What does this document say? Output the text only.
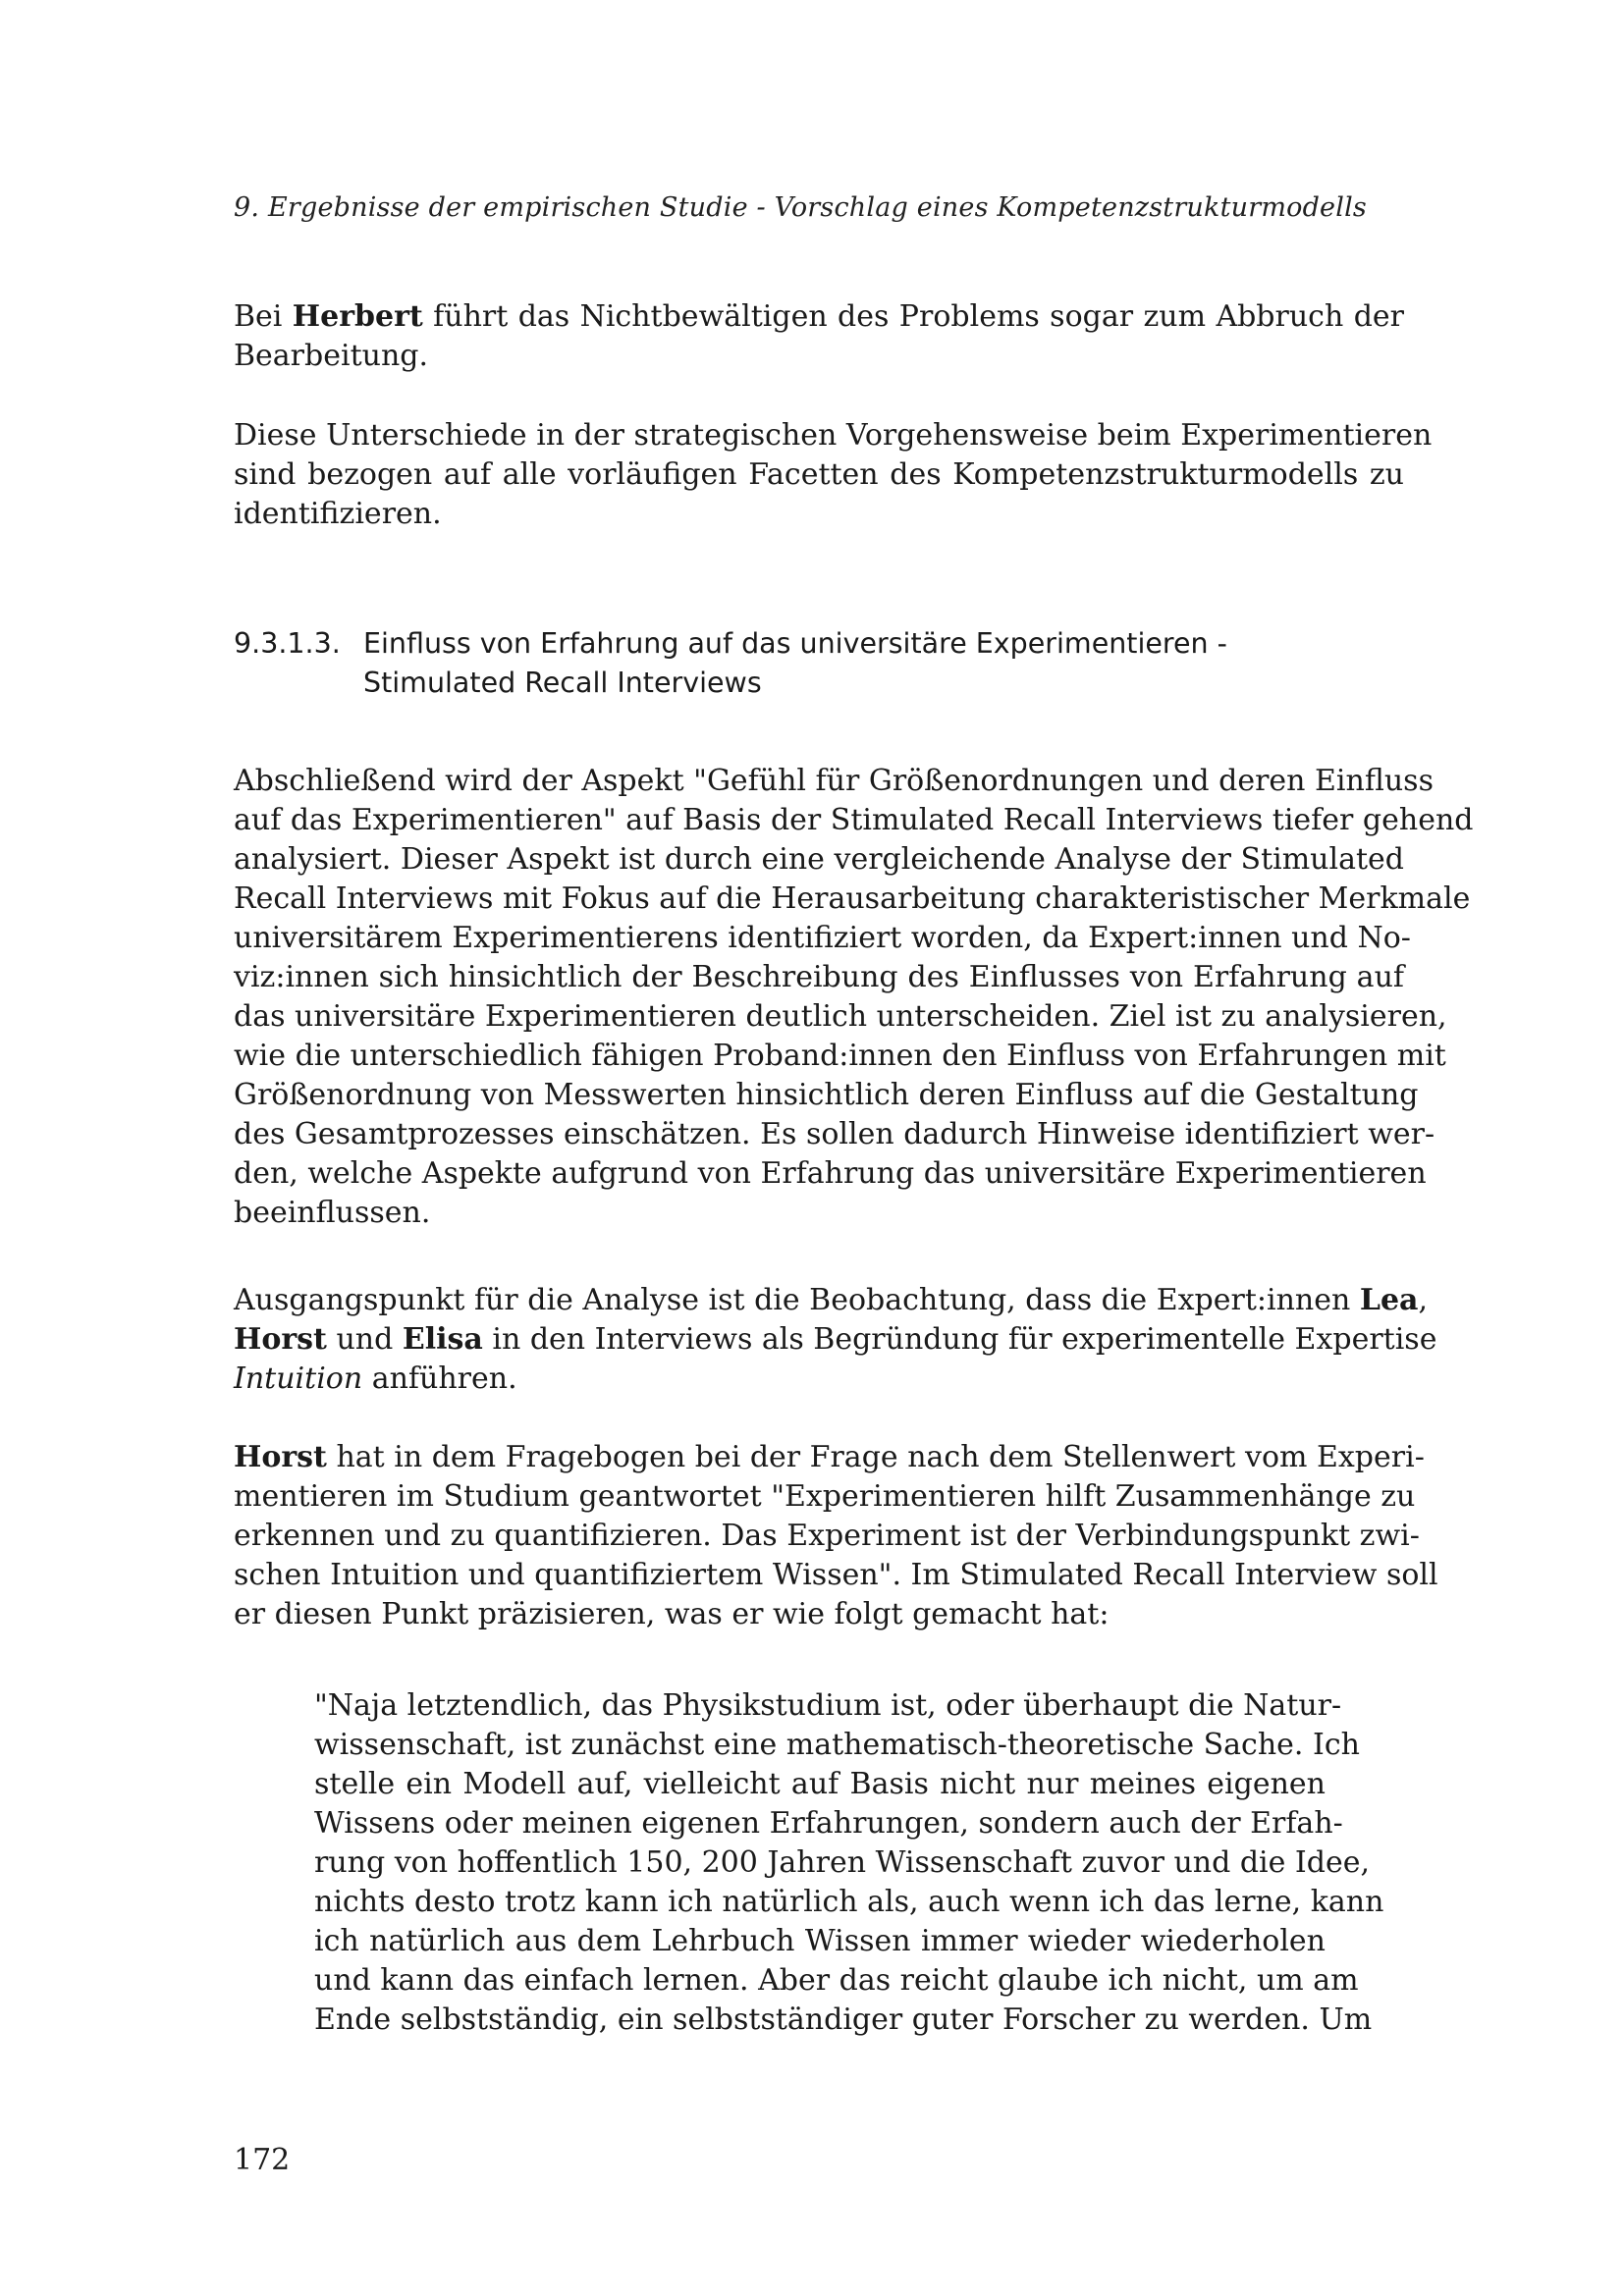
9. Ergebnisse der empirischen Studie - Vorschlag eines Kompetenzstrukturmodells
Bei Herbert führt das Nichtbewältigen des Problems sogar zum Abbruch der
Bearbeitung.
Diese Unterschiede in der strategischen Vorgehensweise beim Experimentieren
sind bezogen auf alle vorläufigen Facetten des Kompetenzstrukturmodells zu
identifizieren.
9.3.1.3. Einfluss von Erfahrung auf das universitäre Experimentieren -
Stimulated Recall Interviews
Abschließend wird der Aspekt "Gefühl für Größenordnungen und deren Einfluss
auf das Experimentieren" auf Basis der Stimulated Recall Interviews tiefer gehend
analysiert. Dieser Aspekt ist durch eine vergleichende Analyse der Stimulated
Recall Interviews mit Fokus auf die Herausarbeitung charakteristischer Merkmale
universitärem Experimentierens identifiziert worden, da Expert:innen und No-
viz:innen sich hinsichtlich der Beschreibung des Einflusses von Erfahrung auf
das universitäre Experimentieren deutlich unterscheiden. Ziel ist zu analysieren,
wie die unterschiedlich fähigen Proband:innen den Einfluss von Erfahrungen mit
Größenordnung von Messwerten hinsichtlich deren Einfluss auf die Gestaltung
des Gesamtprozesses einschätzen. Es sollen dadurch Hinweise identifiziert wer-
den, welche Aspekte aufgrund von Erfahrung das universitäre Experimentieren
beeinflussen.
Ausgangspunkt für die Analyse ist die Beobachtung, dass die Expert:innen Lea,
Horst und Elisa in den Interviews als Begründung für experimentelle Expertise
Intuition anführen.
Horst hat in dem Fragebogen bei der Frage nach dem Stellenwert vom Experi-
mentieren im Studium geantwortet "Experimentieren hilft Zusammenhänge zu
erkennen und zu quantifizieren. Das Experiment ist der Verbindungspunkt zwi-
schen Intuition und quantifiziertem Wissen". Im Stimulated Recall Interview soll
er diesen Punkt präzisieren, was er wie folgt gemacht hat:
"Naja letztendlich, das Physikstudium ist, oder überhaupt die Natur-
wissenschaft, ist zunächst eine mathematisch-theoretische Sache. Ich
stelle ein Modell auf, vielleicht auf Basis nicht nur meines eigenen
Wissens oder meinen eigenen Erfahrungen, sondern auch der Erfah-
rung von hoffentlich 150, 200 Jahren Wissenschaft zuvor und die Idee,
nichts desto trotz kann ich natürlich als, auch wenn ich das lerne, kann
ich natürlich aus dem Lehrbuch Wissen immer wieder wiederholen
und kann das einfach lernen. Aber das reicht glaube ich nicht, um am
Ende selbstständig, ein selbstständiger guter Forscher zu werden. Um
172
